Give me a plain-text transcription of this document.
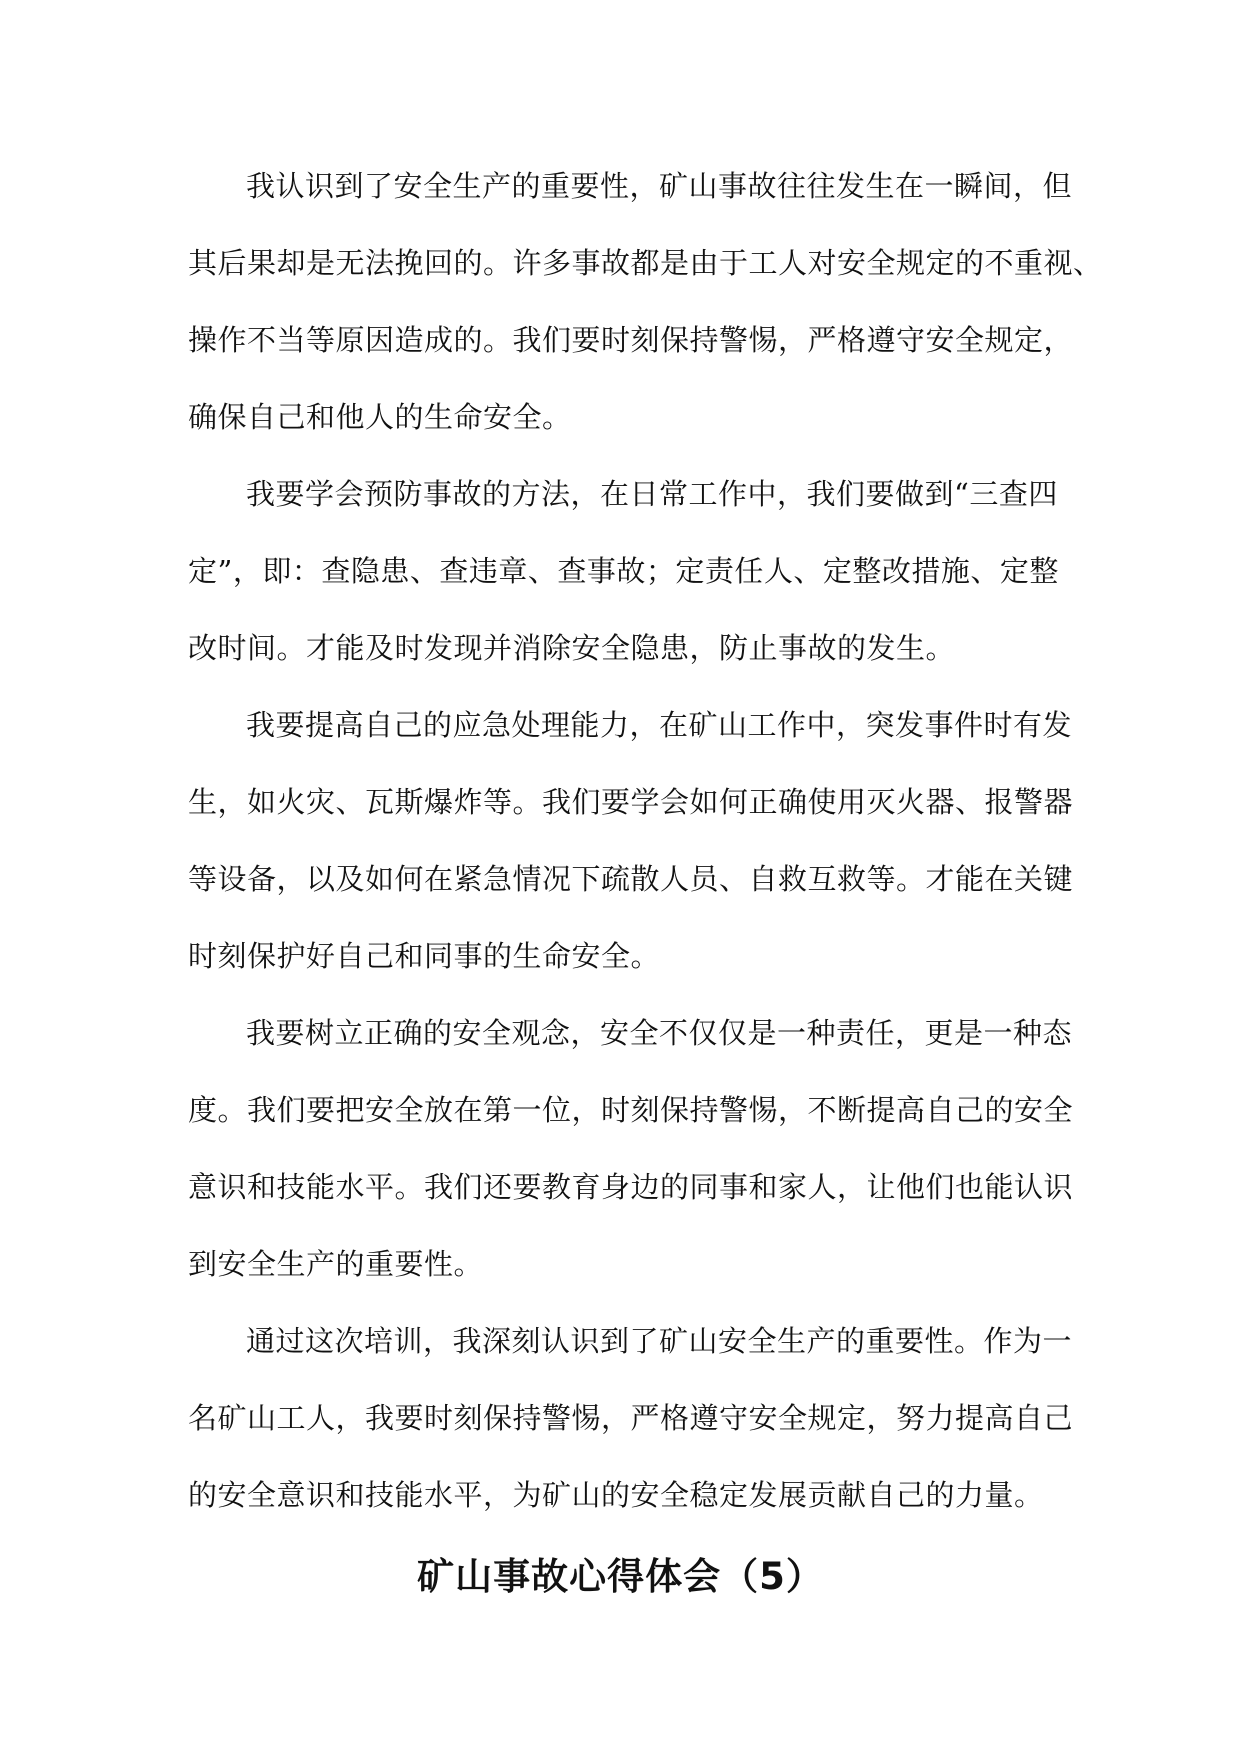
我认识到了安全生产的重要性，矿山事故往往发生在一瞬间，但
其后果却是无法挽回的。许多事故都是由于工人对安全规定的不重视、
操作不当等原因造成的。我们要时刻保持警惕，严格遵守安全规定，
确保自己和他人的生命安全。

我要学会预防事故的方法，在日常工作中，我们要做到“三查四
定”，即：查隐患、查违章、查事故；定责任人、定整改措施、定整
改时间。才能及时发现并消除安全隐患，防止事故的发生。

我要提高自己的应急处理能力，在矿山工作中，突发事件时有发
生，如火灾、瓦斯爆炸等。我们要学会如何正确使用灭火器、报警器
等设备，以及如何在紧急情况下疏散人员、自救互救等。才能在关键
时刻保护好自己和同事的生命安全。

我要树立正确的安全观念，安全不仅仅是一种责任，更是一种态
度。我们要把安全放在第一位，时刻保持警惕，不断提高自己的安全
意识和技能水平。我们还要教育身边的同事和家人，让他们也能认识
到安全生产的重要性。

通过这次培训，我深刻认识到了矿山安全生产的重要性。作为一
名矿山工人，我要时刻保持警惕，严格遵守安全规定，努力提高自己
的安全意识和技能水平，为矿山的安全稳定发展贡献自己的力量。

矿山事故心得体会（5）
